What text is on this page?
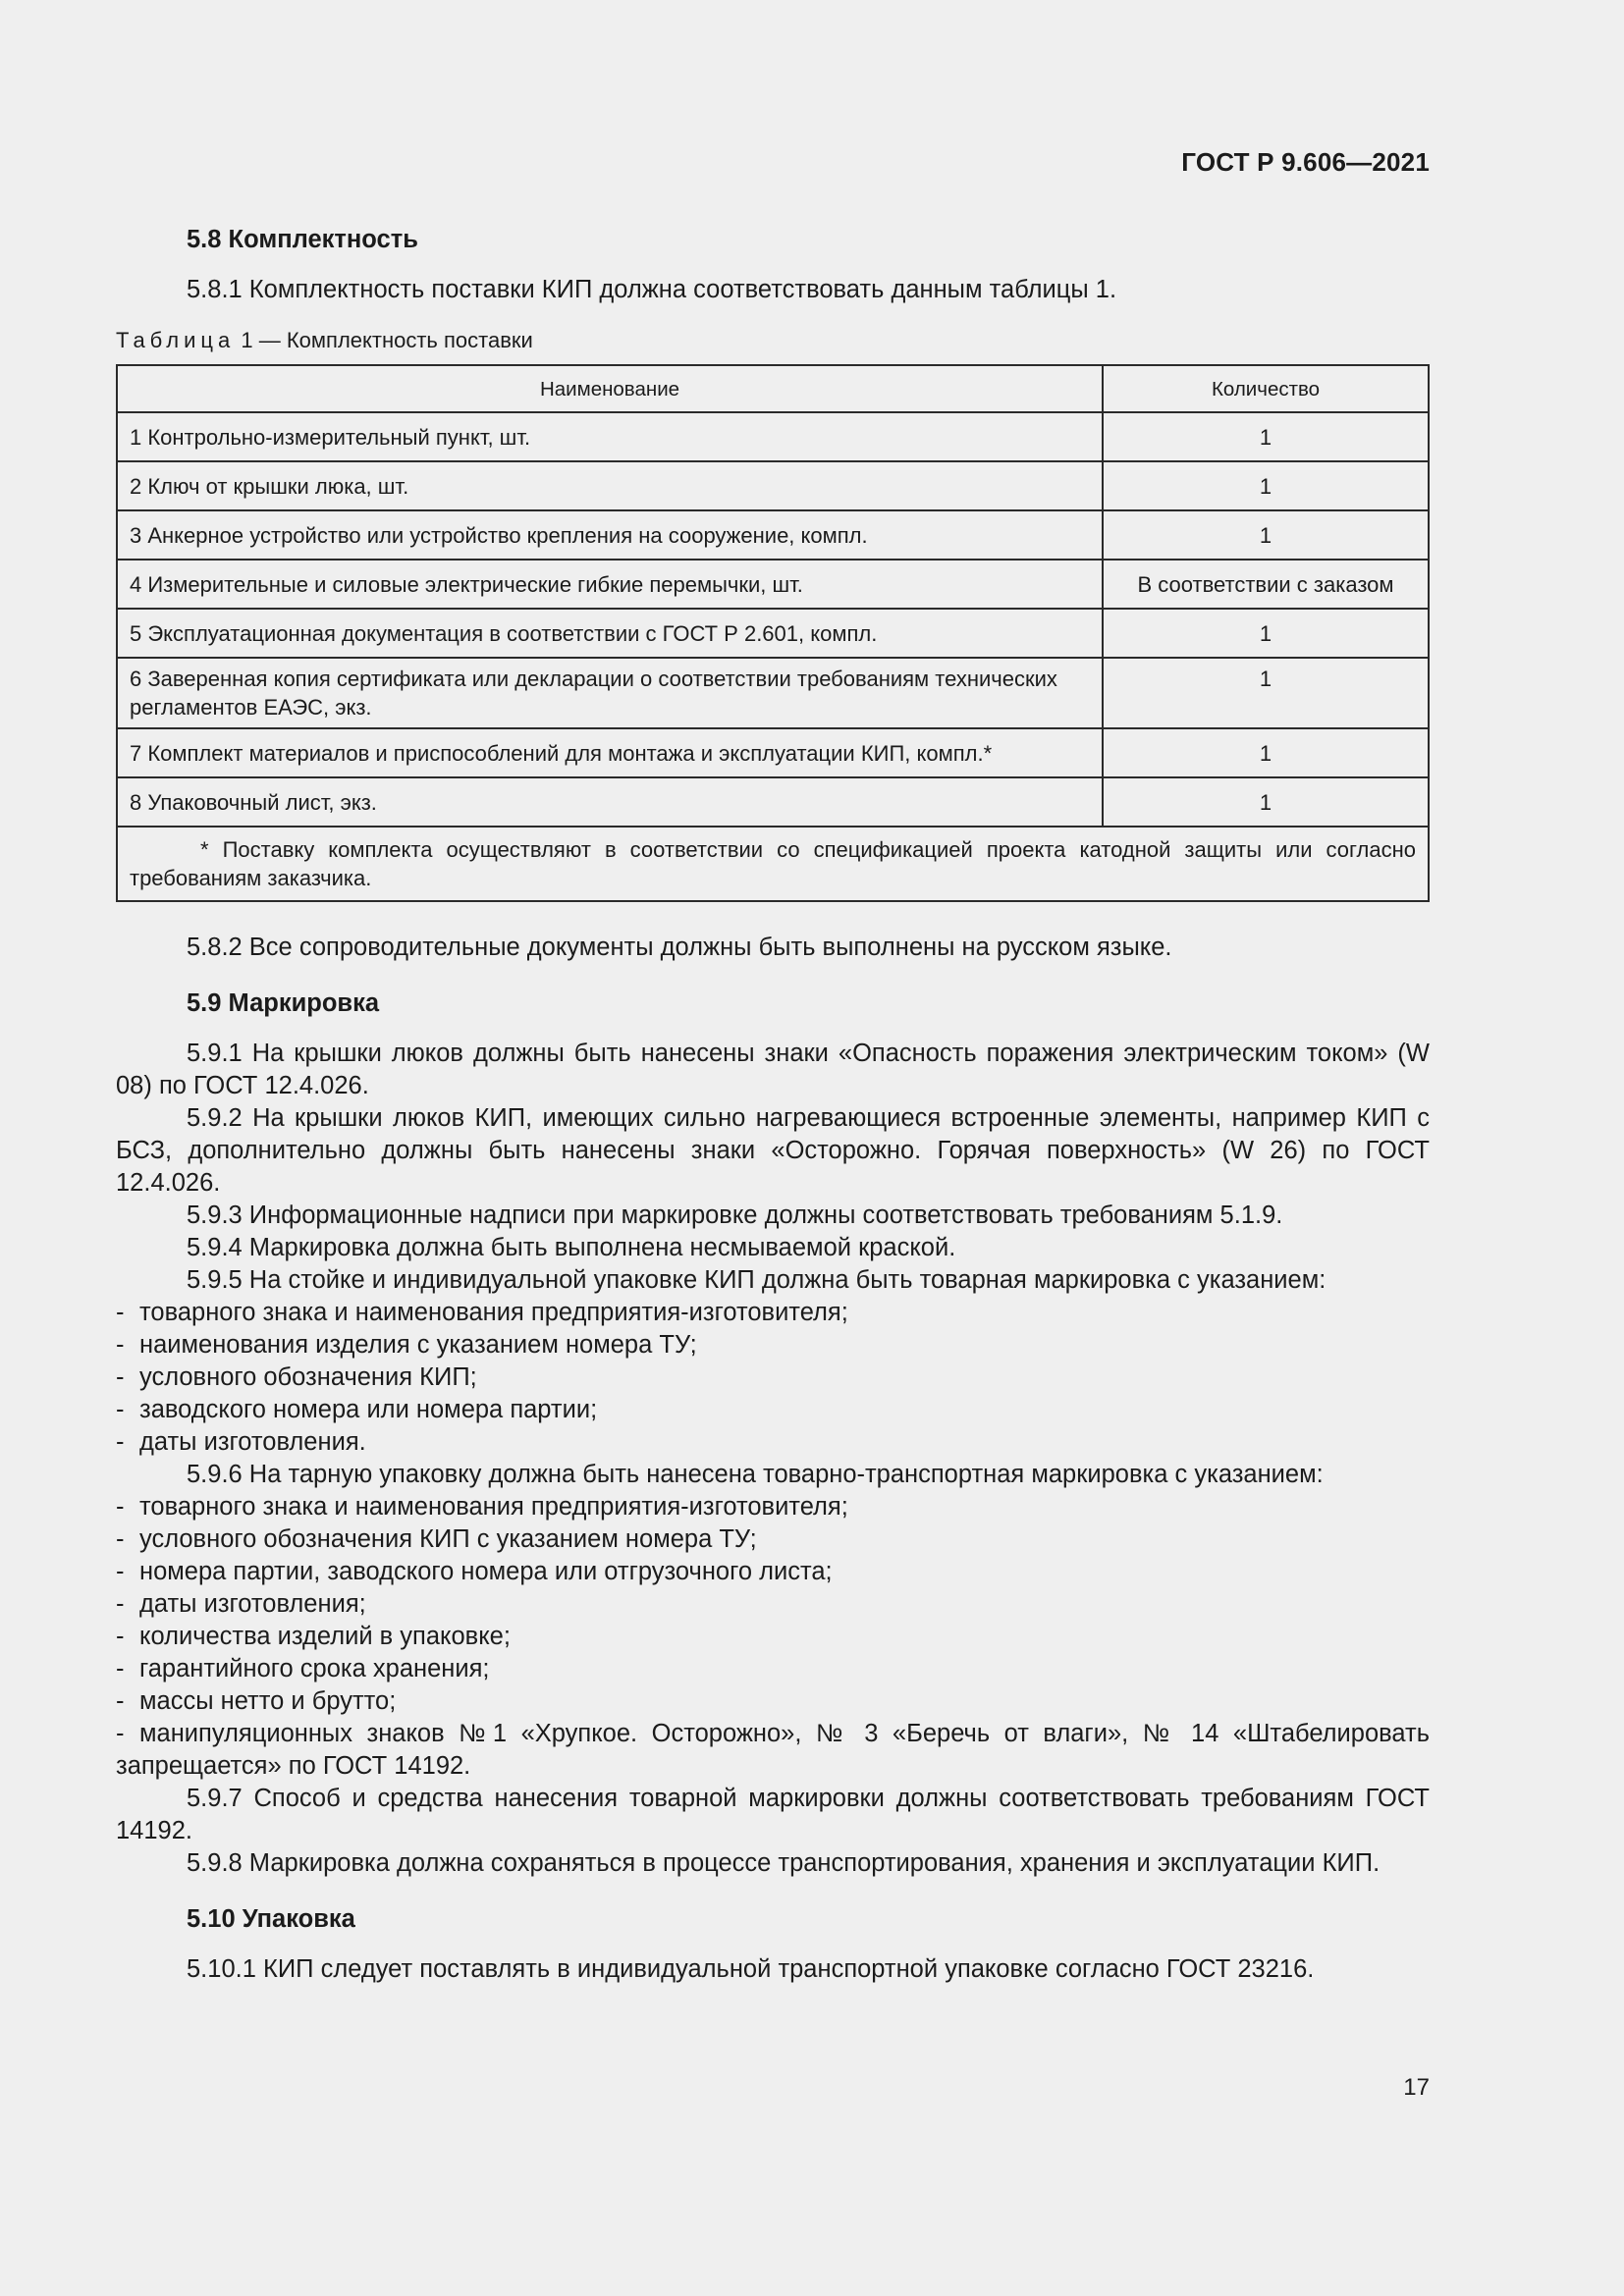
ГОСТ Р 9.606—2021
5.8 Комплектность

5.8.1 Комплектность поставки КИП должна соответствовать данным таблицы 1.

Таблица 1 — Комплектность поставки
Наименование	Количество
1 Контрольно-измерительный пункт, шт.	1
2 Ключ от крышки люка, шт.	1
3 Анкерное устройство или устройство крепления на сооружение, компл.	1
4 Измерительные и силовые электрические гибкие перемычки, шт.	В соответствии с заказом
5 Эксплуатационная документация в соответствии с ГОСТ Р 2.601, компл.	1
6 Заверенная копия сертификата или декларации о соответствии требованиям технических регламентов ЕАЭС, экз.	1
7 Комплект материалов и приспособлений для монтажа и эксплуатации КИП, компл.*	1
8 Упаковочный лист, экз.	1

* Поставку комплекта осуществляют в соответствии со спецификацией проекта катодной защиты или согласно требованиям заказчика.	

5.8.2 Все сопроводительные документы должны быть выполнены на русском языке.

5.9 Маркировка

5.9.1 На крышки люков должны быть нанесены знаки «Опасность поражения электрическим током» (W 08) по ГОСТ 12.4.026.

5.9.2 На крышки люков КИП, имеющих сильно нагревающиеся встроенные элементы, например КИП с БСЗ, дополнительно должны быть нанесены знаки «Осторожно. Горячая поверхность» (W 26) по ГОСТ 12.4.026.

5.9.3 Информационные надписи при маркировке должны соответствовать требованиям 5.1.9.

5.9.4 Маркировка должна быть выполнена несмываемой краской.

5.9.5 На стойке и индивидуальной упаковке КИП должна быть товарная маркировка с указанием:

- товарного знака и наименования предприятия-изготовителя;

- наименования изделия с указанием номера ТУ;

- условного обозначения КИП;

- заводского номера или номера партии;

- даты изготовления.

5.9.6 На тарную упаковку должна быть нанесена товарно-транспортная маркировка с указанием:

- товарного знака и наименования предприятия-изготовителя;

- условного обозначения КИП с указанием номера ТУ;

- номера партии, заводского номера или отгрузочного листа;

- даты изготовления;

- количества изделий в упаковке;

- гарантийного срока хранения;

- массы нетто и брутто;

- манипуляционных знаков №1 «Хрупкое. Осторожно», № 3 «Беречь от влаги», № 14 «Штабелировать запрещается» по ГОСТ 14192.

5.9.7 Способ и средства нанесения товарной маркировки должны соответствовать требованиям ГОСТ 14192.

5.9.8 Маркировка должна сохраняться в процессе транспортирования, хранения и эксплуатации КИП.

5.10 Упаковка

5.10.1 КИП следует поставлять в индивидуальной транспортной упаковке согласно ГОСТ 23216.

17
